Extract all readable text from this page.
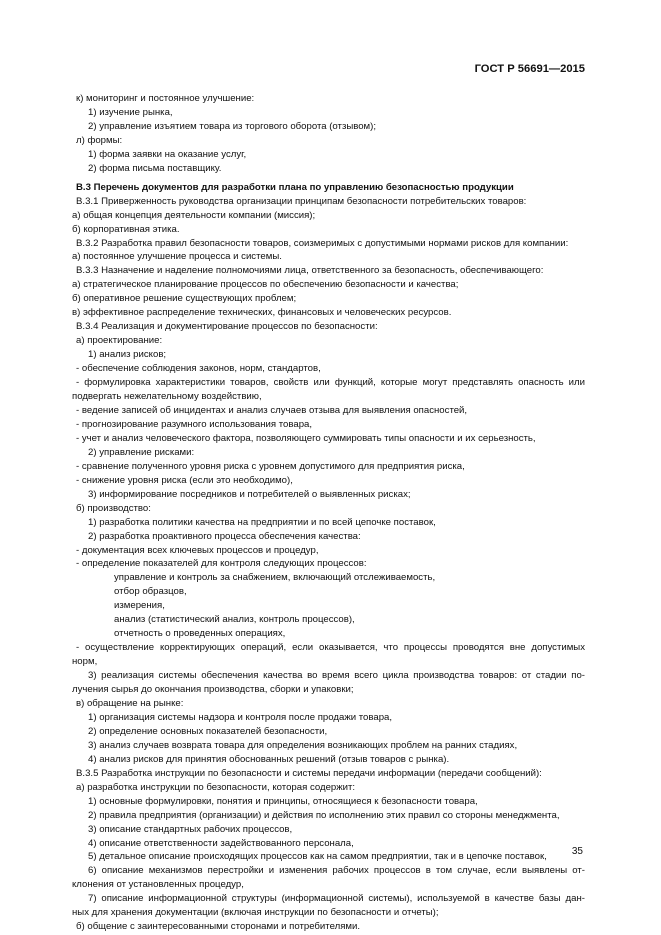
ГОСТ Р 56691—2015
к) мониторинг и постоянное улучшение:
1) изучение рынка,
2) управление изъятием товара из торгового оборота (отзывом);
л) формы:
1) форма заявки на оказание услуг,
2) форма письма поставщику.
В.3 Перечень документов для разработки плана по управлению безопасностью продукции
В.3.1 Приверженность руководства организации принципам безопасности потребительских товаров:
а) общая концепция деятельности компании (миссия);
б) корпоративная этика.
В.3.2 Разработка правил безопасности товаров, соизмеримых с допустимыми нормами рисков для компании:
а) постоянное улучшение процесса и системы.
В.3.3 Назначение и наделение полномочиями лица, ответственного за безопасность, обеспечивающего:
а) стратегическое планирование процессов по обеспечению безопасности и качества;
б) оперативное решение существующих проблем;
в) эффективное распределение технических, финансовых и человеческих ресурсов.
В.3.4 Реализация и документирование процессов по безопасности:
а) проектирование:
1) анализ рисков;
- обеспечение соблюдения законов, норм, стандартов,
- формулировка характеристики товаров, свойств или функций, которые могут представлять опасность или
подвергать нежелательному воздействию,
- ведение записей об инцидентах и анализ случаев отзыва для выявления опасностей,
- прогнозирование разумного использования товара,
- учет и анализ человеческого фактора, позволяющего суммировать типы опасности и их серьезность,
2) управление рисками:
- сравнение полученного уровня риска с уровнем допустимого для предприятия риска,
- снижение уровня риска (если это необходимо),
3) информирование посредников и потребителей о выявленных рисках;
б) производство:
1) разработка политики качества на предприятии и по всей цепочке поставок,
2) разработка проактивного процесса обеспечения качества:
- документация всех ключевых процессов и процедур,
- определение показателей для контроля следующих процессов:
управление и контроль за снабжением, включающий отслеживаемость,
отбор образцов,
измерения,
анализ (статистический анализ, контроль процессов),
отчетность о проведенных операциях,
- осуществление корректирующих операций, если оказывается, что процессы проводятся вне допустимых
норм,
3) реализация системы обеспечения качества во время всего цикла производства товаров: от стадии по-
лучения сырья до окончания производства, сборки и упаковки;
в) обращение на рынке:
1) организация системы надзора и контроля после продажи товара,
2) определение основных показателей безопасности,
3) анализ случаев возврата товара для определения возникающих проблем на ранних стадиях,
4) анализ рисков для принятия обоснованных решений (отзыв товаров с рынка).
В.3.5 Разработка инструкции по безопасности и системы передачи информации (передачи сообщений):
а) разработка инструкции по безопасности, которая содержит:
1) основные формулировки, понятия и принципы, относящиеся к безопасности товара,
2) правила предприятия (организации) и действия по исполнению этих правил со стороны менеджмента,
3) описание стандартных рабочих процессов,
4) описание ответственности задействованного персонала,
5) детальное описание происходящих процессов как на самом предприятии, так и в цепочке поставок,
6) описание механизмов перестройки и изменения рабочих процессов в том случае, если выявлены от-
клонения от установленных процедур,
7) описание информационной структуры (информационной системы), используемой в качестве базы дан-
ных для хранения документации (включая инструкции по безопасности и отчеты);
б) общение с заинтересованными сторонами и потребителями.
35
